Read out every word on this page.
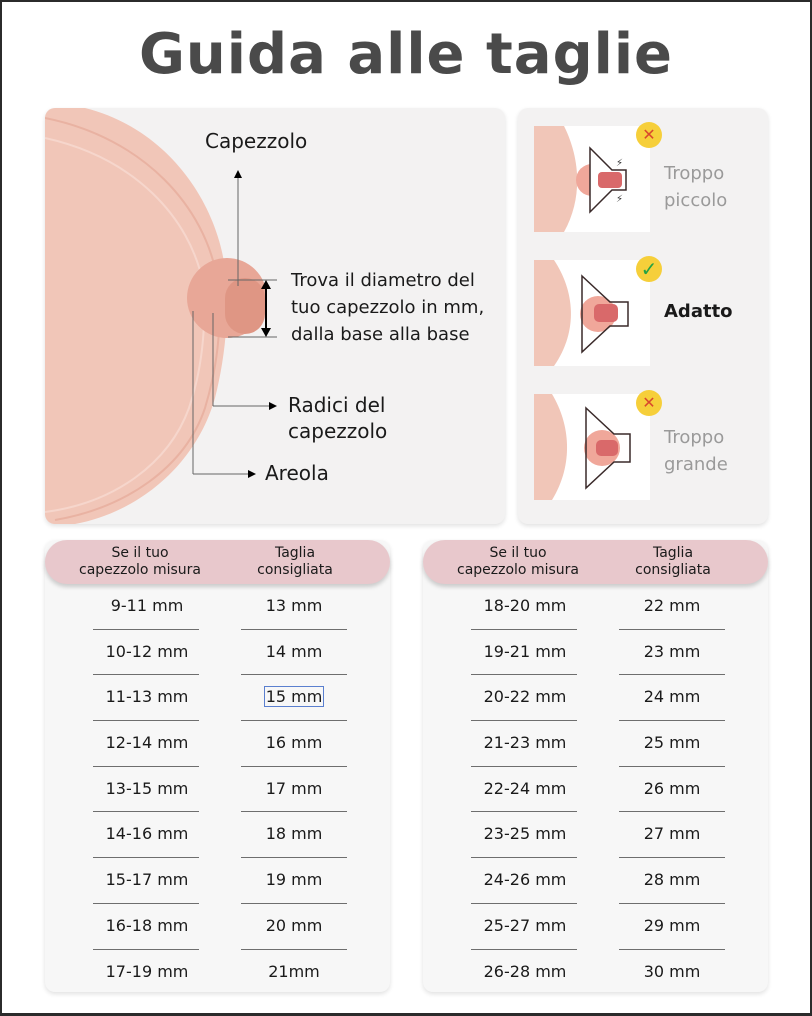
Guida alle taglie
Capezzolo
Trova il diametro del
tuo capezzolo in mm,
dalla base alla base
Radici del
capezzolo
Areola
⚡
⚡
✕
Troppo
piccolo
✓
Adatto
✕
Troppo
grande
Se il tuo
capezzolo misura
Taglia
consigliata
9-11 mm	13 mm
10-12 mm	14 mm
11-13 mm	15 mm
12-14 mm	16 mm
13-15 mm	17 mm
14-16 mm	18 mm
15-17 mm	19 mm
16-18 mm	20 mm
17-19 mm	21mm
Se il tuo
capezzolo misura
Taglia
consigliata
18-20 mm	22 mm
19-21 mm	23 mm
20-22 mm	24 mm
21-23 mm	25 mm
22-24 mm	26 mm
23-25 mm	27 mm
24-26 mm	28 mm
25-27 mm	29 mm
26-28 mm	30 mm
